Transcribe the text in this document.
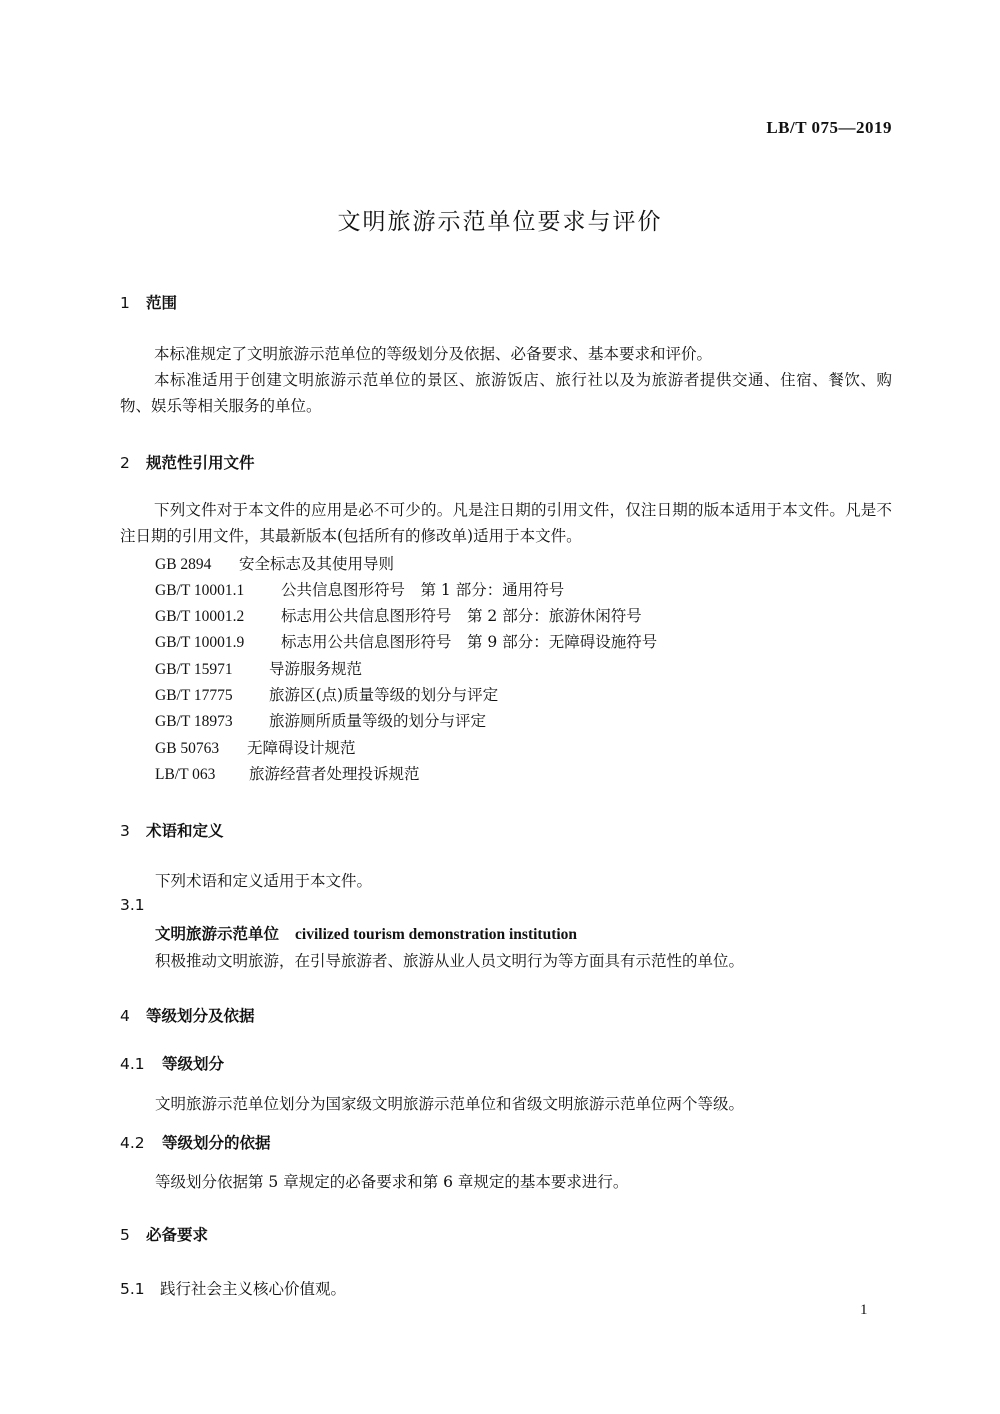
LB/T 075—2019
文明旅游示范单位要求与评价
1 范围
本标准规定了文明旅游示范单位的等级划分及依据、必备要求、基本要求和评价。
本标准适用于创建文明旅游示范单位的景区、旅游饭店、旅行社以及为旅游者提供交通、住宿、餐饮、购物、娱乐等相关服务的单位。
2 规范性引用文件
下列文件对于本文件的应用是必不可少的。凡是注日期的引用文件，仅注日期的版本适用于本文件。凡是不注日期的引用文件，其最新版本(包括所有的修改单)适用于本文件。
GB 2894 安全标志及其使用导则
GB/T 10001.1 公共信息图形符号　第 1 部分：通用符号
GB/T 10001.2 标志用公共信息图形符号　第 2 部分：旅游休闲符号
GB/T 10001.9 标志用公共信息图形符号　第 9 部分：无障碍设施符号
GB/T 15971 导游服务规范
GB/T 17775 旅游区(点)质量等级的划分与评定
GB/T 18973 旅游厕所质量等级的划分与评定
GB 50763 无障碍设计规范
LB/T 063 旅游经营者处理投诉规范
3 术语和定义
下列术语和定义适用于本文件。
3.1
文明旅游示范单位 civilized tourism demonstration institution
积极推动文明旅游，在引导旅游者、旅游从业人员文明行为等方面具有示范性的单位。
4 等级划分及依据
4.1 等级划分
文明旅游示范单位划分为国家级文明旅游示范单位和省级文明旅游示范单位两个等级。
4.2 等级划分的依据
等级划分依据第 5 章规定的必备要求和第 6 章规定的基本要求进行。
5 必备要求
5.1 践行社会主义核心价值观。
1
